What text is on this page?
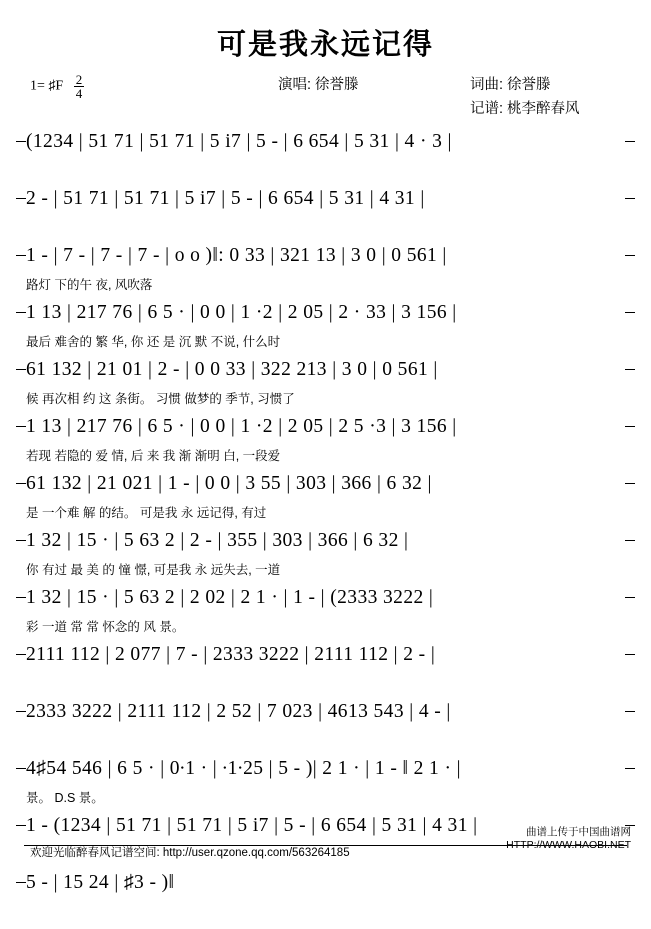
可是我永远记得
1= ♯F $\frac{2}{4}$	演唱: 徐誉滕	词曲: 徐誉滕
记谱: 桃李醉春风
(1234 | 51 71 | 51 71 | 5 i7 | 5 - | 6 654 | 5 31 | 4 · 3 |
2 - | 51 71 | 51 71 | 5 i7 | 5 - | 6 654 | 5 31 | 4 31 |
1 - | 7 - | 7 - | 7 - | o o )‖: 0 33 | 321 13 | 3 0 | 0 561 |
路灯 下的午 夜, 风吹落
1 13 | 217 76 | 6 5 · | 0 0 | 1 ·2 | 2 05 | 2 · 33 | 3 156 |
最后 难舍的 繁 华, 你 还 是 沉 默 不说, 什么时
61 132 | 21 01 | 2 - | 0 0 33 | 322 213 | 3 0 | 0 561 |
候 再次相 约 这 条街。 习惯 做梦的 季节, 习惯了
1 13 | 217 76 | 6 5 · | 0 0 | 1 ·2 | 2 05 | 2 5 ·3 | 3 156 |
若现 若隐的 爱 情, 后 来 我 渐 渐明 白, 一段爱
61 132 | 21 021 | 1 - | 0 0 | 3 55 | 303 | 366 | 6 32 |
是 一个难 解 的结。 可是我 永 远记得, 有过
1 32 | 15 · | 5 63 2 | 2 - | 355 | 303 | 366 | 6 32 |
你 有过 最 美 的 憧 憬, 可是我 永 远失去, 一道
1 32 | 15 · | 5 63 2 | 2 02 | 2 1 · | 1 - | (2333 3222 |
彩 一道 常 常 怀念的 风 景。
2111 112 | 2 077 | 7 - | 2333 3222 | 2111 112 | 2 - |
2333 3222 | 2111 112 | 2 52 | 7 023 | 4613 543 | 4 - |
4♯54 546 | 6 5 · | 0∙1 · | ∙1∙25 | 5 - )| 2 1 · | 1 - ‖ 2 1 · |
景。 D.S 景。
1 - (1234 | 51 71 | 51 71 | 5 i7 | 5 - | 6 654 | 5 31 | 4 31 |
5 - | 15 24 | ♯3 - )‖
欢迎光临醉春风记谱空间: http://user.qzone.qq.com/563264185
曲谱上传于中国曲谱网
HTTP://WWW.HAOBI.NET
